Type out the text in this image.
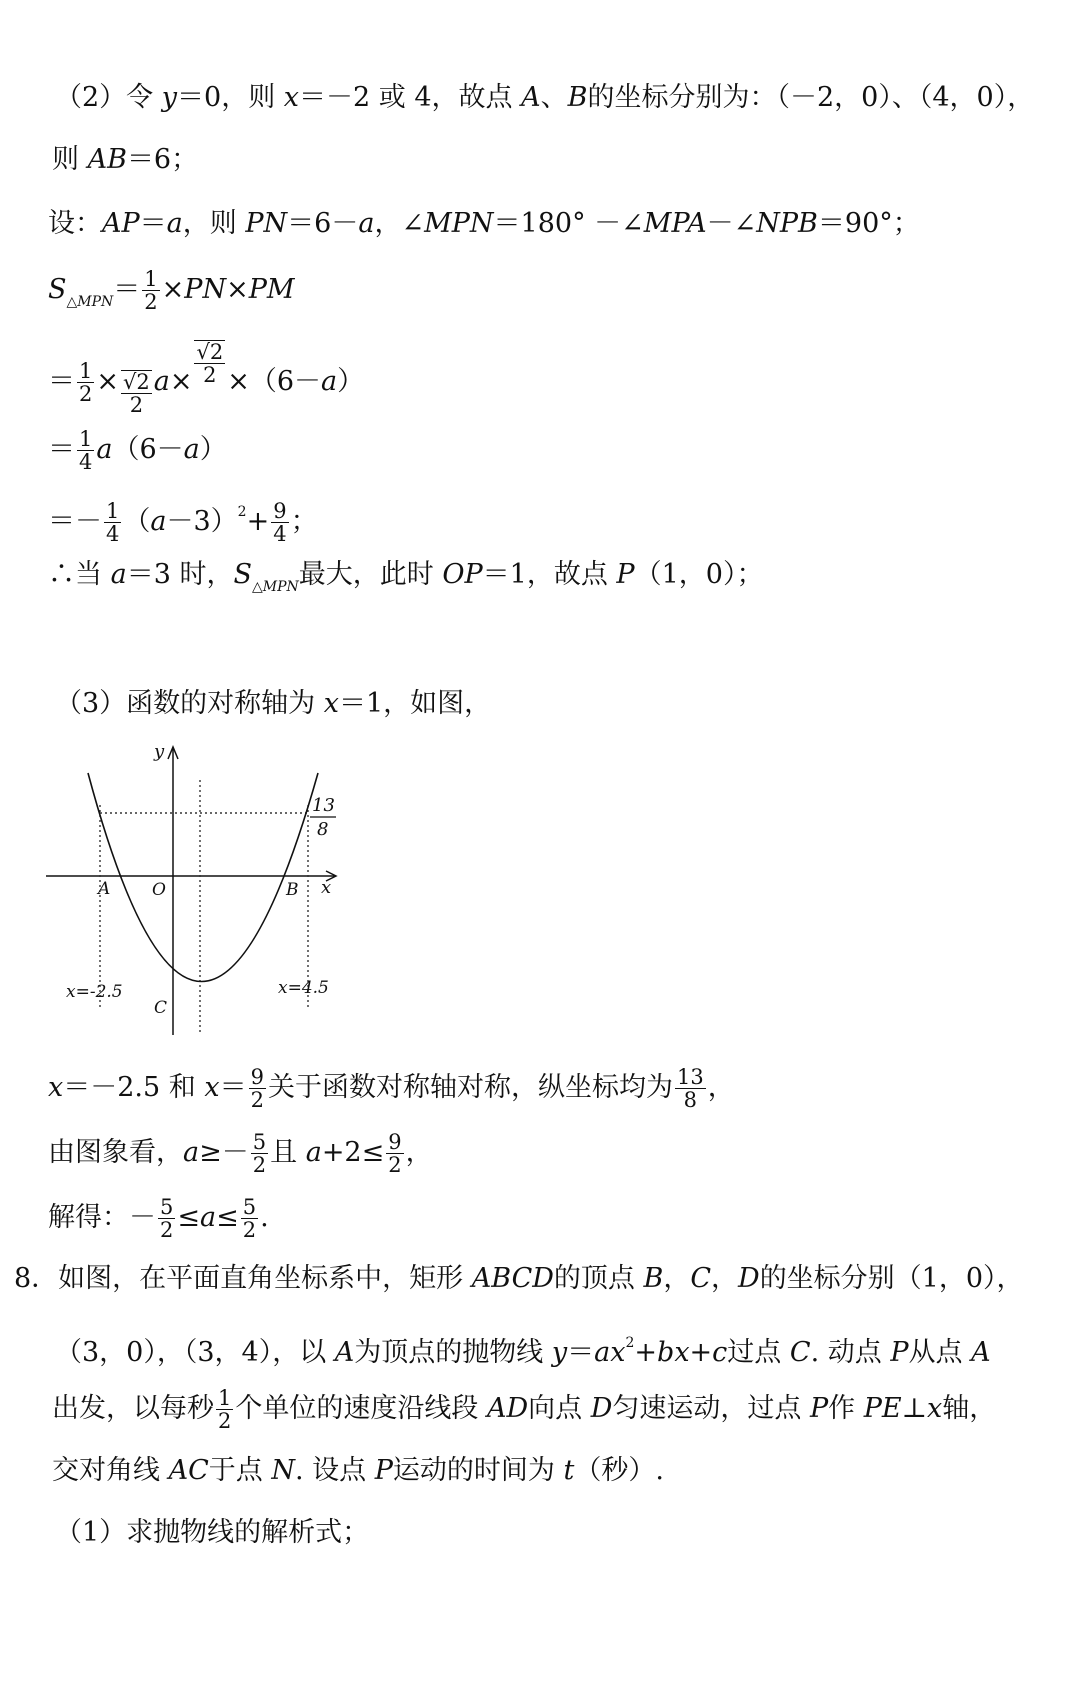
（2）令 y＝0，则 x＝－2 或 4，故点 A、B的坐标分别为：（－2，0）、（4，0），
则 AB＝6；
设：AP＝a，则 PN＝6－a，∠MPN＝180° －∠MPA－∠NPB＝90°；
$S_{\triangle MPN}= \frac{1}{2} \times PN\times PM$
＝ $\frac{1}{2} \times \frac{√2}{2} a\times \frac{√2}{2} \times(6-a)$
＝ $\frac{1}{4} a(6-a)$
＝－ $\frac{1}{4} (a-3)^2+ \frac{9}{4}$ ；
∴当 a＝3 时，$S_{\triangle MPN}$最大，此时 OP＝1，故点 P（1，0）；
（3）函数的对称轴为 x＝1，如图，
y
x
A O	B
C
13
8
x=-2.5	x=4.5
x＝－2.5 和 $x= \frac{9}{2}$ 关于函数对称轴对称，纵坐标均为 $\frac{13}{8}$ ，
由图象看，$a\ge- \frac{5}{2}$ 且 $a+2\le \frac{9}{2}$ ，
解得：－ $\frac{5}{2} \le a\le \frac{5}{2}$ .
8．如图，在平面直角坐标系中，矩形 ABCD的顶点 B，C，D的坐标分别（1，0），
（3，0），（3，4），以 A为顶点的抛物线 $y=ax^2+bx+c$过点 C. 动点 P从点 A
出发，以每秒 $\frac{1}{2}$ 个单位的速度沿线段 AD向点 D匀速运动，过点 P作 PE⊥x轴，
交对角线 AC于点 N. 设点 P运动的时间为 t（秒）.
（1）求抛物线的解析式；
